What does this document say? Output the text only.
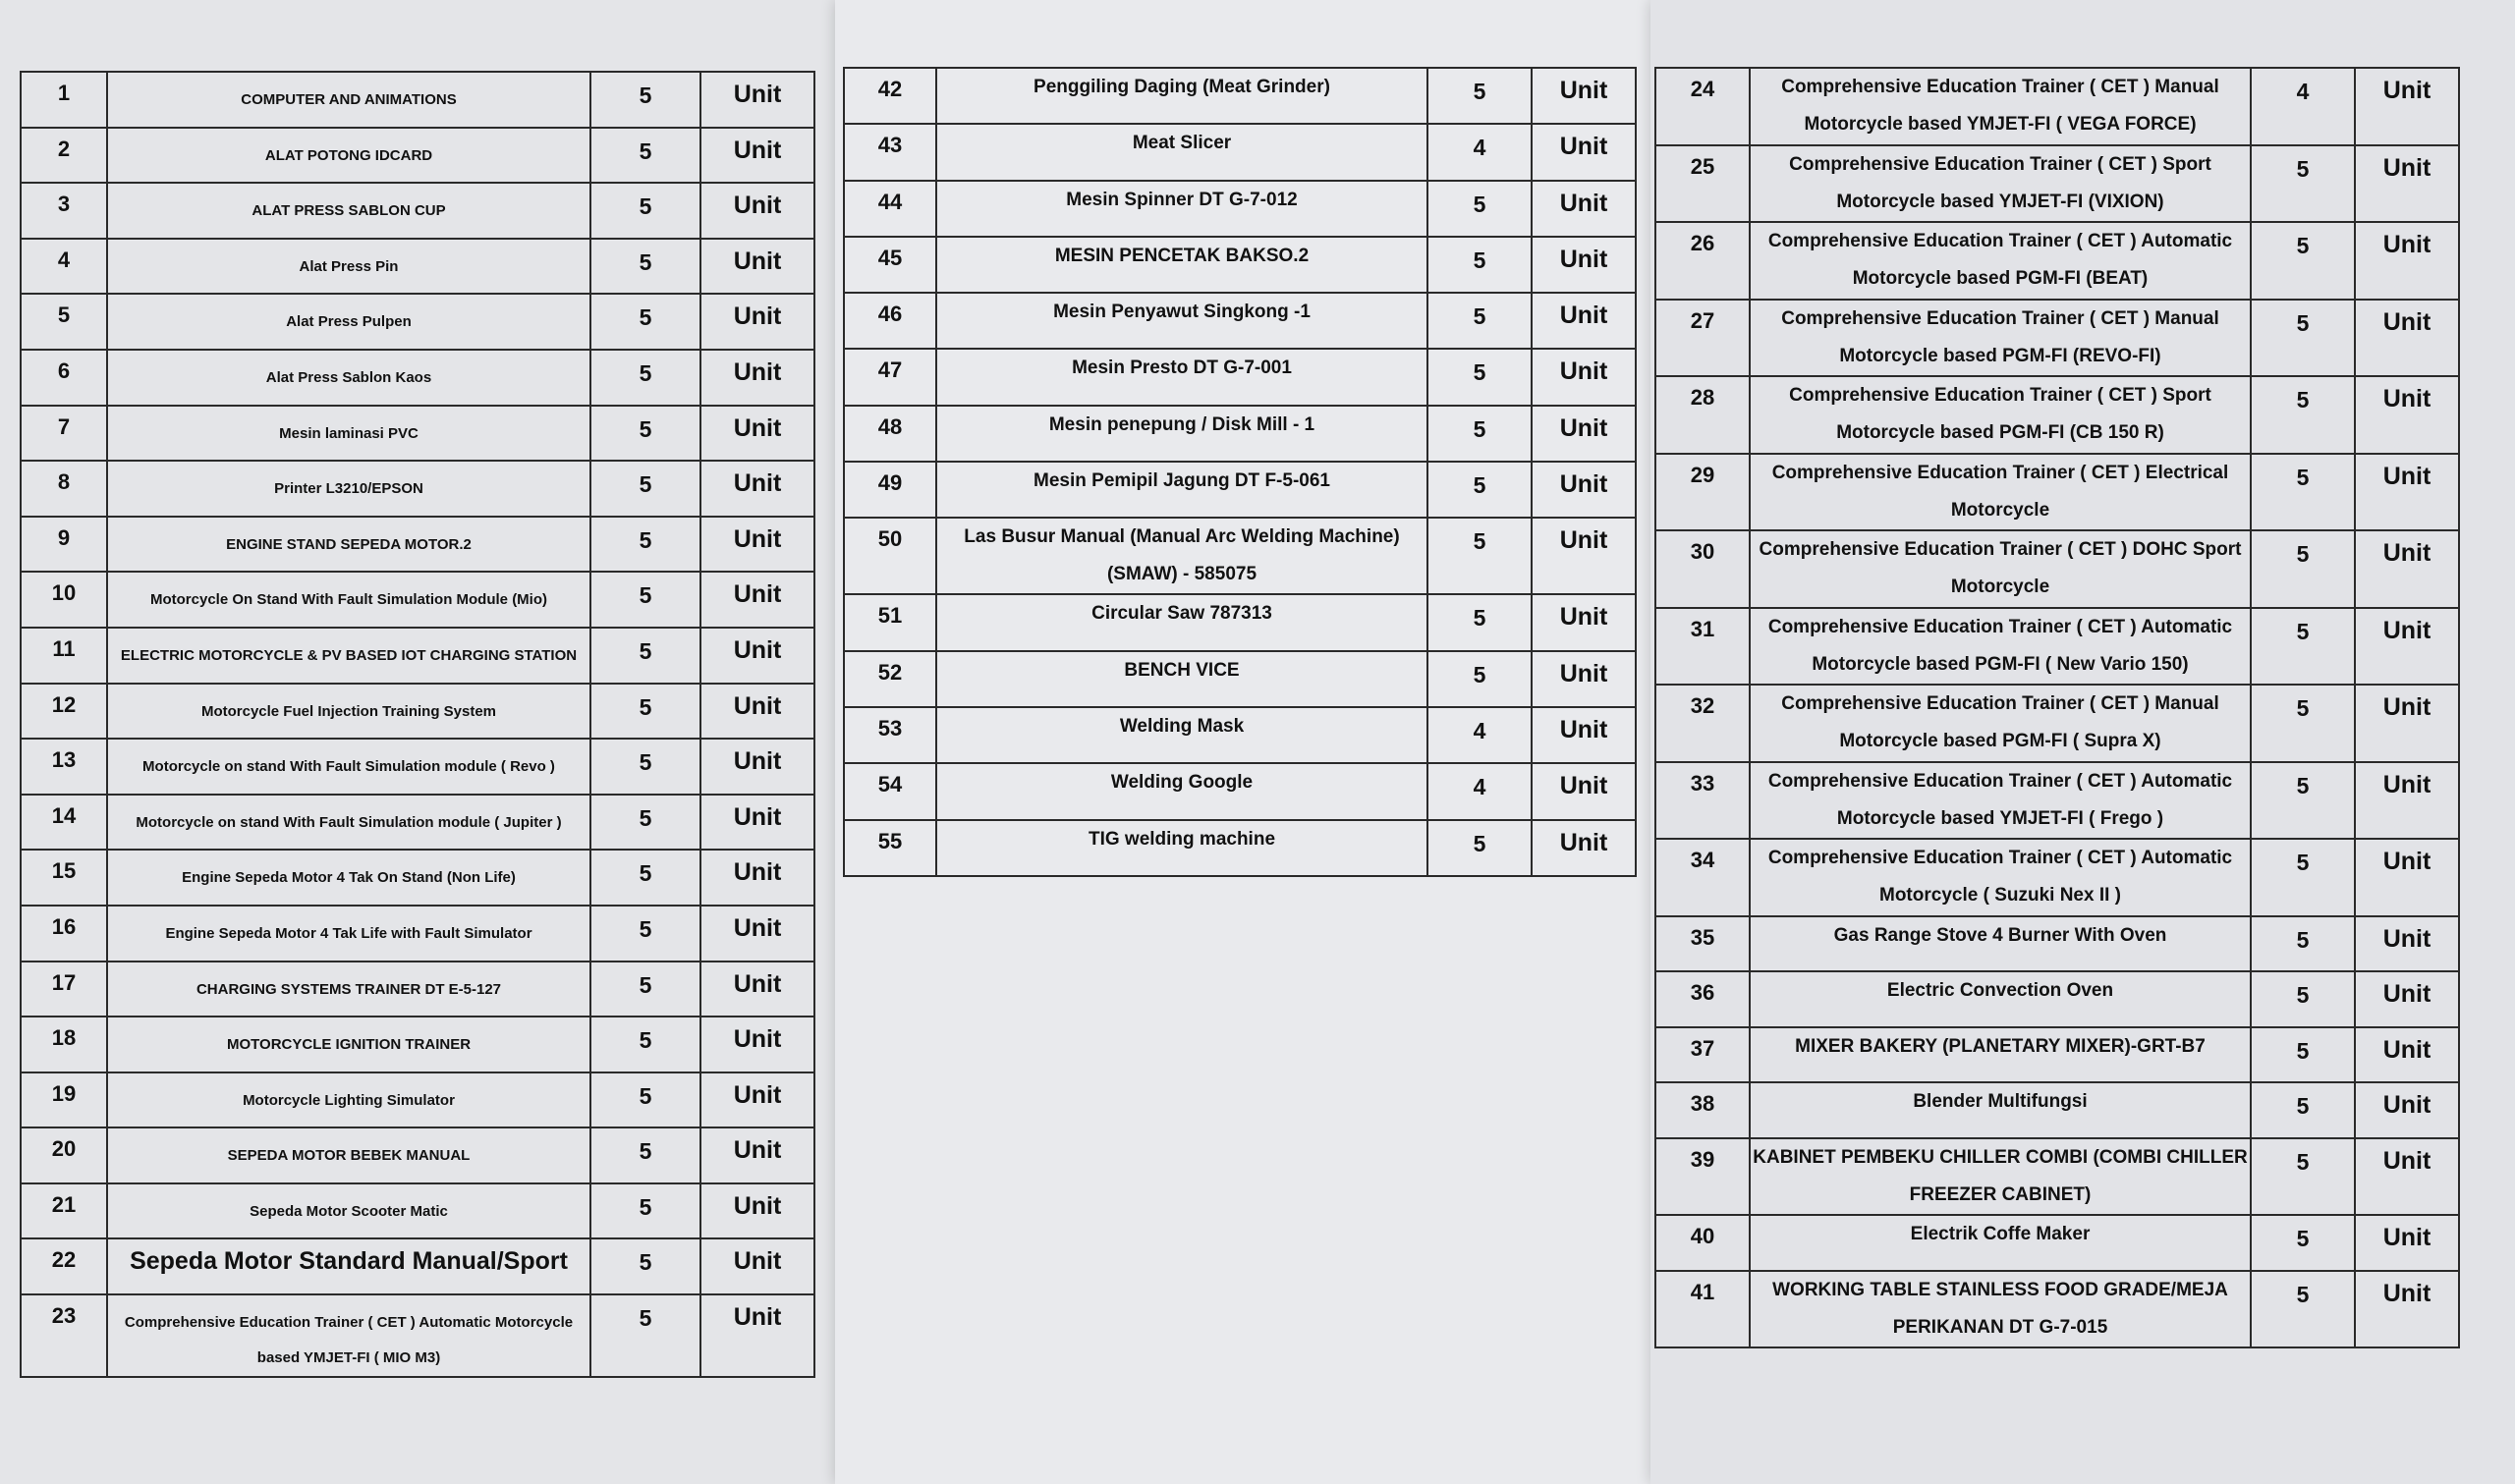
1	COMPUTER AND ANIMATIONS	5	Unit
2	ALAT POTONG IDCARD	5	Unit
3	ALAT PRESS SABLON CUP	5	Unit
4	Alat Press Pin	5	Unit
5	Alat Press Pulpen	5	Unit
6	Alat Press Sablon Kaos	5	Unit
7	Mesin laminasi PVC	5	Unit
8	Printer L3210/EPSON	5	Unit
9	ENGINE STAND SEPEDA MOTOR.2	5	Unit
10	Motorcycle On Stand With Fault Simulation Module (Mio)	5	Unit
11	ELECTRIC MOTORCYCLE & PV BASED IOT CHARGING STATION	5	Unit
12	Motorcycle Fuel Injection Training System	5	Unit
13	Motorcycle on stand With Fault Simulation module ( Revo )	5	Unit
14	Motorcycle on stand With Fault Simulation module ( Jupiter )	5	Unit
15	Engine Sepeda Motor 4 Tak On Stand (Non Life)	5	Unit
16	Engine Sepeda Motor 4 Tak Life with Fault Simulator	5	Unit
17	CHARGING SYSTEMS TRAINER DT E-5-127	5	Unit
18	MOTORCYCLE IGNITION TRAINER	5	Unit
19	Motorcycle Lighting Simulator	5	Unit
20	SEPEDA MOTOR BEBEK MANUAL	5	Unit
21	Sepeda Motor Scooter Matic	5	Unit
22	Sepeda Motor Standard Manual/Sport	5	Unit
23	Comprehensive Education Trainer ( CET ) Automatic Motorcycle based YMJET-FI ( MIO M3)	5	Unit
42	Penggiling Daging (Meat Grinder)	5	Unit
43	Meat Slicer	4	Unit
44	Mesin Spinner DT G-7-012	5	Unit
45	MESIN PENCETAK BAKSO.2	5	Unit
46	Mesin Penyawut Singkong -1	5	Unit
47	Mesin Presto DT G-7-001	5	Unit
48	Mesin penepung / Disk Mill - 1	5	Unit
49	Mesin Pemipil Jagung DT F-5-061	5	Unit
50	Las Busur Manual (Manual Arc Welding Machine) (SMAW) - 585075	5	Unit
51	Circular Saw 787313	5	Unit
52	BENCH VICE	5	Unit
53	Welding Mask	4	Unit
54	Welding Google	4	Unit
55	TIG welding machine	5	Unit
24	Comprehensive Education Trainer ( CET ) Manual Motorcycle based YMJET-FI ( VEGA FORCE)	4	Unit
25	Comprehensive Education Trainer ( CET ) Sport Motorcycle based YMJET-FI (VIXION)	5	Unit
26	Comprehensive Education Trainer ( CET ) Automatic Motorcycle based PGM-FI (BEAT)	5	Unit
27	Comprehensive Education Trainer ( CET ) Manual Motorcycle based PGM-FI (REVO-FI)	5	Unit
28	Comprehensive Education Trainer ( CET ) Sport Motorcycle based PGM-FI (CB 150 R)	5	Unit
29	Comprehensive Education Trainer ( CET ) Electrical Motorcycle	5	Unit
30	Comprehensive Education Trainer ( CET ) DOHC Sport Motorcycle	5	Unit
31	Comprehensive Education Trainer ( CET ) Automatic Motorcycle based PGM-FI ( New Vario 150)	5	Unit
32	Comprehensive Education Trainer ( CET ) Manual Motorcycle based PGM-FI ( Supra X)	5	Unit
33	Comprehensive Education Trainer ( CET ) Automatic Motorcycle based YMJET-FI ( Frego )	5	Unit
34	Comprehensive Education Trainer ( CET ) Automatic Motorcycle ( Suzuki Nex II )	5	Unit
35	Gas Range Stove 4 Burner With Oven	5	Unit
36	Electric Convection Oven	5	Unit
37	MIXER BAKERY (PLANETARY MIXER)-GRT-B7	5	Unit
38	Blender Multifungsi	5	Unit
39	KABINET PEMBEKU CHILLER COMBI (COMBI CHILLER FREEZER CABINET)	5	Unit
40	Electrik Coffe Maker	5	Unit
41	WORKING TABLE STAINLESS FOOD GRADE/MEJA PERIKANAN DT G-7-015	5	Unit
